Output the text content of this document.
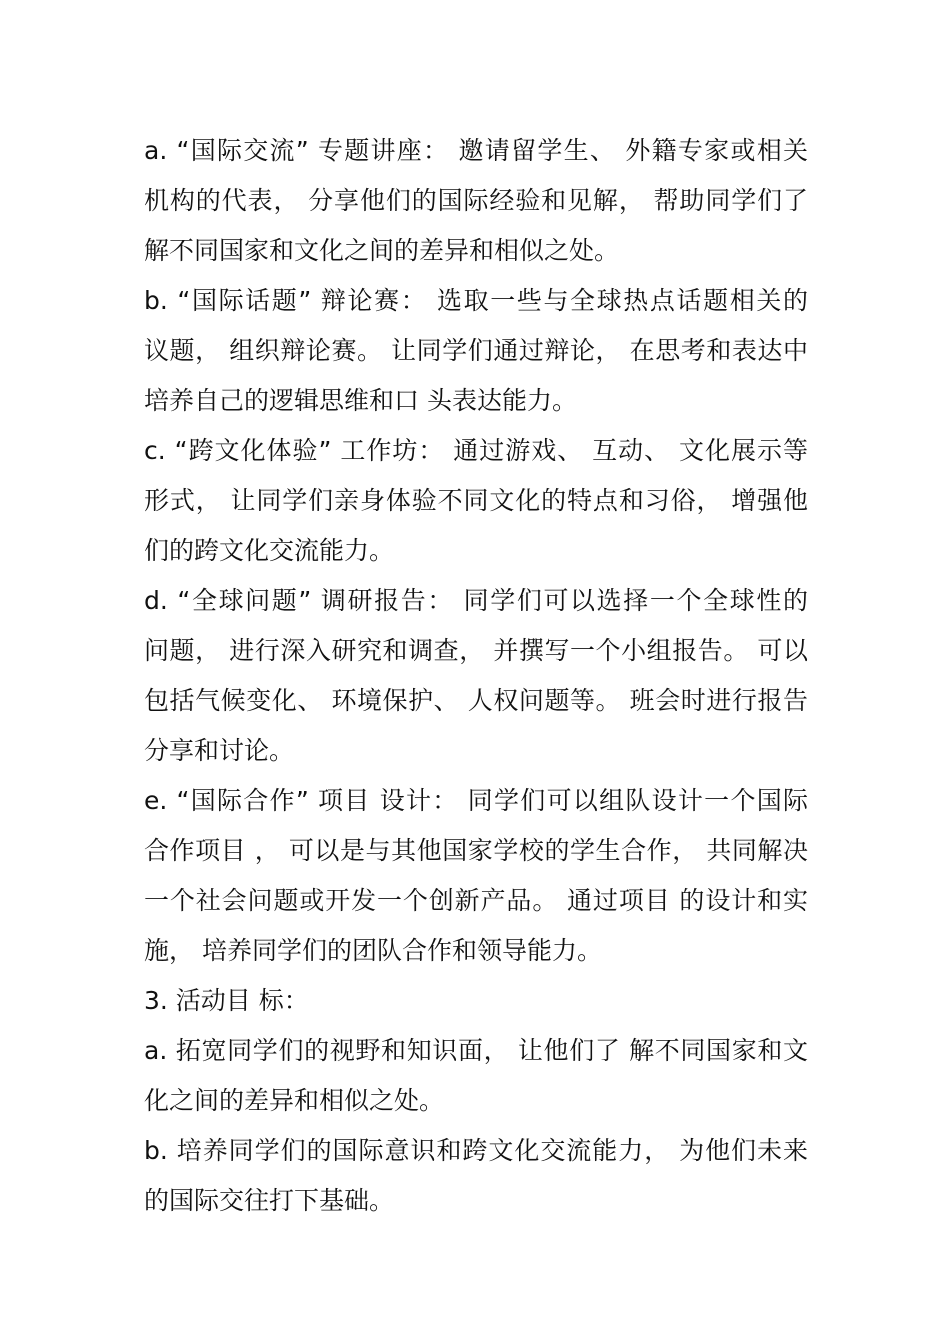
a. “国际交流” 专题讲座： 邀请留学生、 外籍专家或相关
机构的代表， 分享他们的国际经验和见解， 帮助同学们了
解不同国家和文化之间的差异和相似之处。
b. “国际话题” 辩论赛： 选取一些与全球热点话题相关的
议题， 组织辩论赛。 让同学们通过辩论， 在思考和表达中
培养自己的逻辑思维和口 头表达能力。
c. “跨文化体验” 工作坊： 通过游戏、 互动、 文化展示等
形式， 让同学们亲身体验不同文化的特点和习俗， 增强他
们的跨文化交流能力。
d. “全球问题” 调研报告： 同学们可以选择一个全球性的
问题， 进行深入研究和调查， 并撰写一个小组报告。 可以
包括气候变化、 环境保护、 人权问题等。 班会时进行报告
分享和讨论。
e. “国际合作” 项目 设计： 同学们可以组队设计一个国际
合作项目 ， 可以是与其他国家学校的学生合作， 共同解决
一个社会问题或开发一个创新产品。 通过项目 的设计和实
施， 培养同学们的团队合作和领导能力。
3. 活动目 标：
a. 拓宽同学们的视野和知识面， 让他们了 解不同国家和文
化之间的差异和相似之处。
b. 培养同学们的国际意识和跨文化交流能力， 为他们未来
的国际交往打下基础。
